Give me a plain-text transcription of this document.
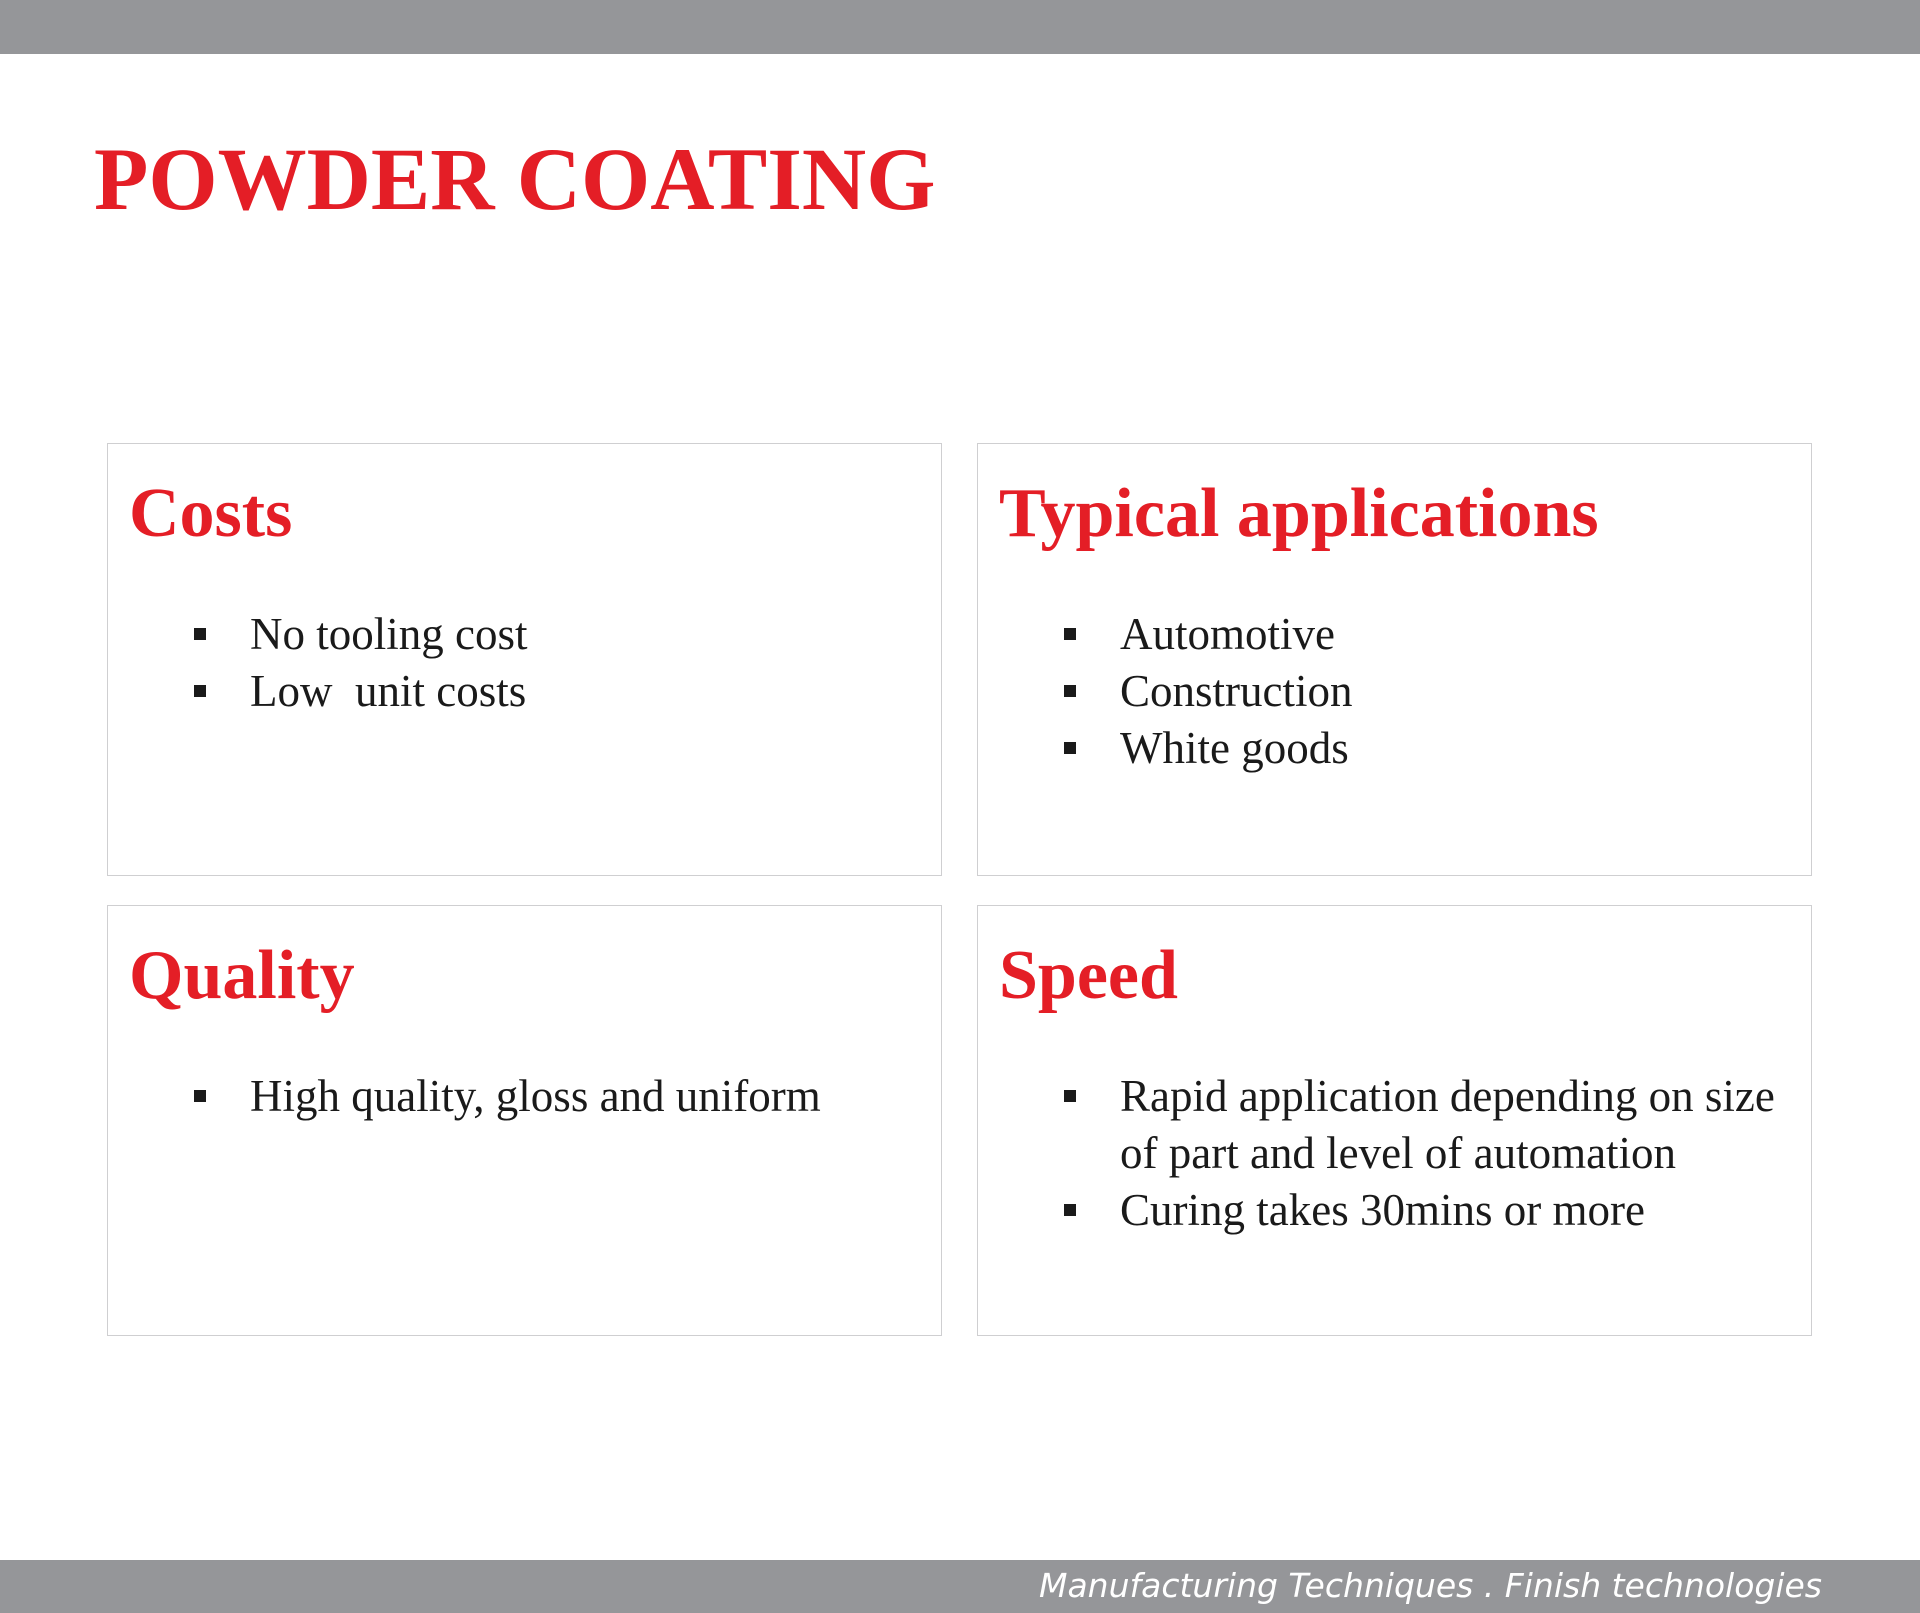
POWDER COATING
Costs
No tooling cost
Low  unit costs
Typical applications
Automotive
Construction
White goods
Quality
High quality, gloss and uniform
Speed
Rapid application depending on size of part and level of automation
Curing takes 30mins or more
Manufacturing Techniques . Finish technologies
